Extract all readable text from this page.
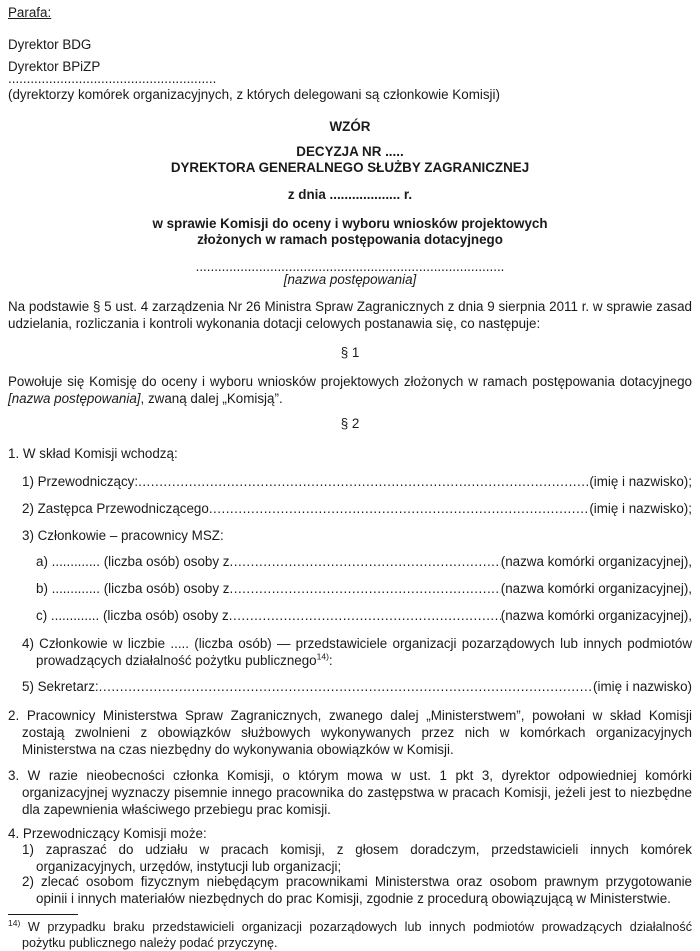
Parafa:
Dyrektor BDG
Dyrektor BPiZP
........................................................
(dyrektorzy komórek organizacyjnych, z których delegowani są członkowie Komisji)
WZÓR
DECYZJA NR .....
DYREKTORA GENERALNEGO SŁUŻBY ZAGRANICZNEJ
z dnia ................... r.
w sprawie Komisji do oceny i wyboru wniosków projektowych
złożonych w ramach postępowania dotacyjnego
...................................................................................
[nazwa postępowania]
Na podstawie § 5 ust. 4 zarządzenia Nr 26 Ministra Spraw Zagranicznych z dnia 9 sierpnia 2011 r. w sprawie zasad udzielania, rozliczania i kontroli wykonania dotacji celowych postanawia się, co następuje:
§ 1
Powołuje się Komisję do oceny i wyboru wniosków projektowych złożonych w ramach postępowania dotacyjnego [nazwa postępowania], zwaną dalej „Komisją”.
§ 2
1. W skład Komisji wchodzą:
1) Przewodniczący: .....	(imię i nazwisko);
2) Zastępca Przewodniczącego .....	(imię i nazwisko);
3) Członkowie – pracownicy MSZ:
a) ............. (liczba osób) osoby z .....	(nazwa komórki organizacyjnej),
b) ............. (liczba osób) osoby z .....	(nazwa komórki organizacyjnej),
c) ............. (liczba osób) osoby z .....	(nazwa komórki organizacyjnej),
4) Członkowie w liczbie ..... (liczba osób) — przedstawiciele organizacji pozarządowych lub innych podmiotów prowadzących działalność pożytku publicznego$^{14)}$:
5) Sekretarz: .....	(imię i nazwisko)
2. Pracownicy Ministerstwa Spraw Zagranicznych, zwanego dalej „Ministerstwem”, powołani w skład Komisji zostają zwolnieni z obowiązków służbowych wykonywanych przez nich w komórkach organizacyjnych Ministerstwa na czas niezbędny do wykonywania obowiązków w Komisji.
3. W razie nieobecności członka Komisji, o którym mowa w ust. 1 pkt 3, dyrektor odpowiedniej komórki organizacyjnej wyznaczy pisemnie innego pracownika do zastępstwa w pracach Komisji, jeżeli jest to niezbędne dla zapewnienia właściwego przebiegu prac komisji.
4. Przewodniczący Komisji może:
1) zapraszać do udziału w pracach komisji, z głosem doradczym, przedstawicieli innych komórek organizacyjnych, urzędów, instytucji lub organizacji;
2) zlecać osobom fizycznym niebędącym pracownikami Ministerstwa oraz osobom prawnym przygotowanie opinii i innych materiałów niezbędnych do prac Komisji, zgodnie z procedurą obowiązującą w Ministerstwie.
$^{14)}$ W przypadku braku przedstawicieli organizacji pozarządowych lub innych podmiotów prowadzących działalność pożytku publicznego należy podać przyczynę.
